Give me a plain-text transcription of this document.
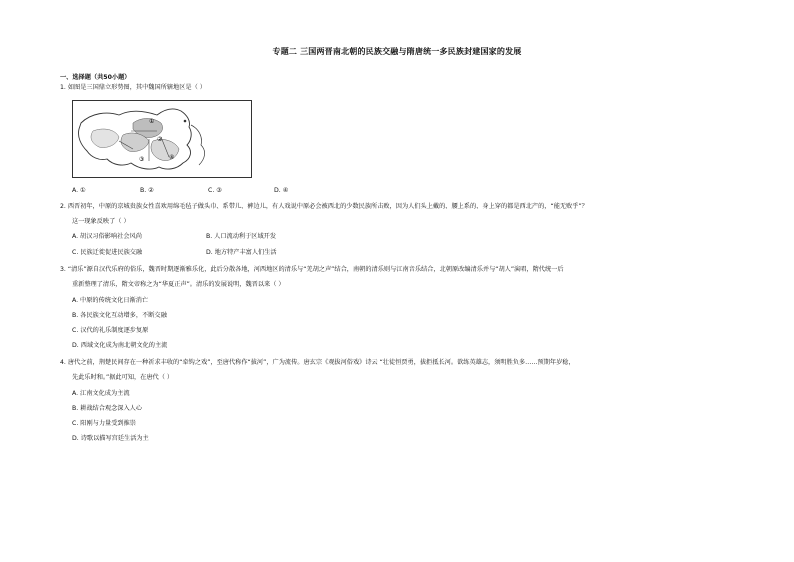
专题二 三国两晋南北朝的民族交融与隋唐统一多民族封建国家的发展
一、选择题（共50小题）
1. 如图是三国鼎立形势图，其中魏国所辖地区是（ ）
①
②
③	④
A. ①	B. ②	C. ③	D. ④
2. 西晋初年，中原的京城贵族女性喜欢用绵毛毡子做头巾、系带儿、裤边儿，有人戏说中原必会被西北的少数民族所击败，因为人们头上戴的、腰上系的、身上穿的都是西北产的，“能无败乎”？
这一现象反映了（ ）
A. 胡汉习俗影响社会风尚	B. 人口流动利于区域开发
C. 民族迁徙促进民族交融	D. 地方特产丰富人们生活
3. “清乐”源自汉代乐府的俗乐，魏晋时期逐渐雅乐化，此后分散各地，河西地区的清乐与“羌胡之声”结合，南朝的清乐则与江南音乐结合，北朝原改编清乐并与“胡人”演唱，隋代统一后
重新整理了清乐，隋文帝称之为“华夏正声”。清乐的发展说明，魏晋以来（ ）
A. 中原的传统文化日渐消亡
B. 各民族文化互动增多，不断交融
C. 汉代的礼乐制度逐步复原
D. 西域文化成为南北朝文化的主流
4. 唐代之前，荆楚民间存在一种祈求丰收的“牵钩之戏”，至唐代称作“拔河”，广为流传。唐玄宗《观拔河俗戏》诗云 “壮徒恒贾勇，拔拒抵长河。欲练英雄志，须明胜负多……预期年岁稔，
先此乐时和。”据此可知，在唐代（ ）
A. 江南文化成为主流
B. 耕战结合观念深入人心
C. 阳刚与力量受到推崇
D. 诗歌以描写宫廷生活为主
